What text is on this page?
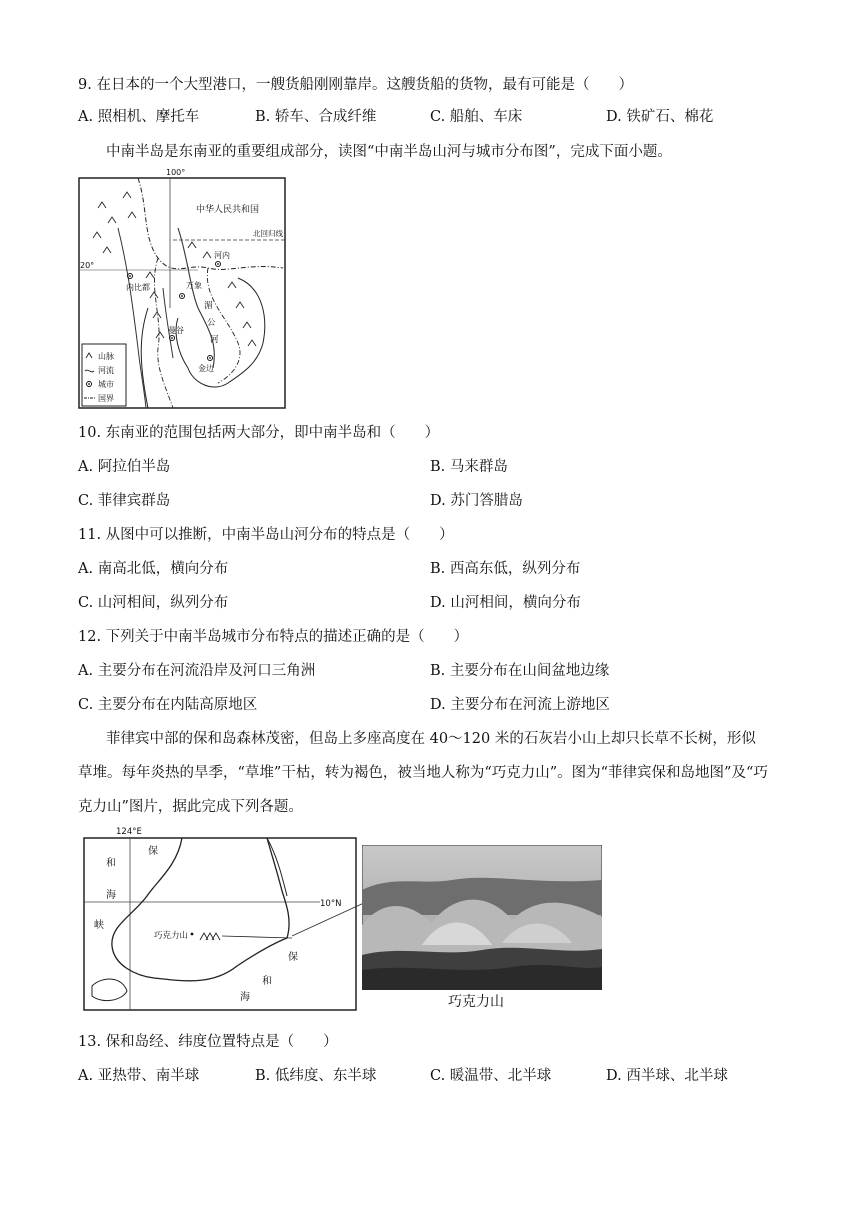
9. 在日本的一个大型港口，一艘货船刚刚靠岸。这艘货船的货物，最有可能是（　　）
A. 照相机、摩托车	B. 轿车、合成纤维	C. 船舶、车床	D. 铁矿石、棉花
中南半岛是东南亚的重要组成部分，读图“中南半岛山河与城市分布图”，完成下面小题。
100°
20°
中华人民共和国
北回归线
河内
内比都	万象
曼谷
金边
湄
公
河
山脉
河流
城市
国界
10. 东南亚的范围包括两大部分，即中南半岛和（　　）
A. 阿拉伯半岛	B. 马来群岛
C. 菲律宾群岛	D. 苏门答腊岛
11. 从图中可以推断，中南半岛山河分布的特点是（　　）
A. 南高北低，横向分布	B. 西高东低，纵列分布
C. 山河相间，纵列分布	D. 山河相间，横向分布
12. 下列关于中南半岛城市分布特点的描述正确的是（　　）
A. 主要分布在河流沿岸及河口三角洲	B. 主要分布在山间盆地边缘
C. 主要分布在内陆高原地区	D. 主要分布在河流上游地区
菲律宾中部的保和岛森林茂密，但岛上多座高度在 40～120 米的石灰岩小山上却只长草不长树，形似
草堆。每年炎热的旱季，“草堆”干枯，转为褐色，被当地人称为“巧克力山”。图为“菲律宾保和岛地图”及“巧
克力山”图片，据此完成下列各题。
124°E
10°N
和
海
峡
保
保
和
海
巧克力山
巧克力山
13. 保和岛经、纬度位置特点是（　　）
A. 亚热带、南半球	B. 低纬度、东半球	C. 暖温带、北半球	D. 西半球、北半球
